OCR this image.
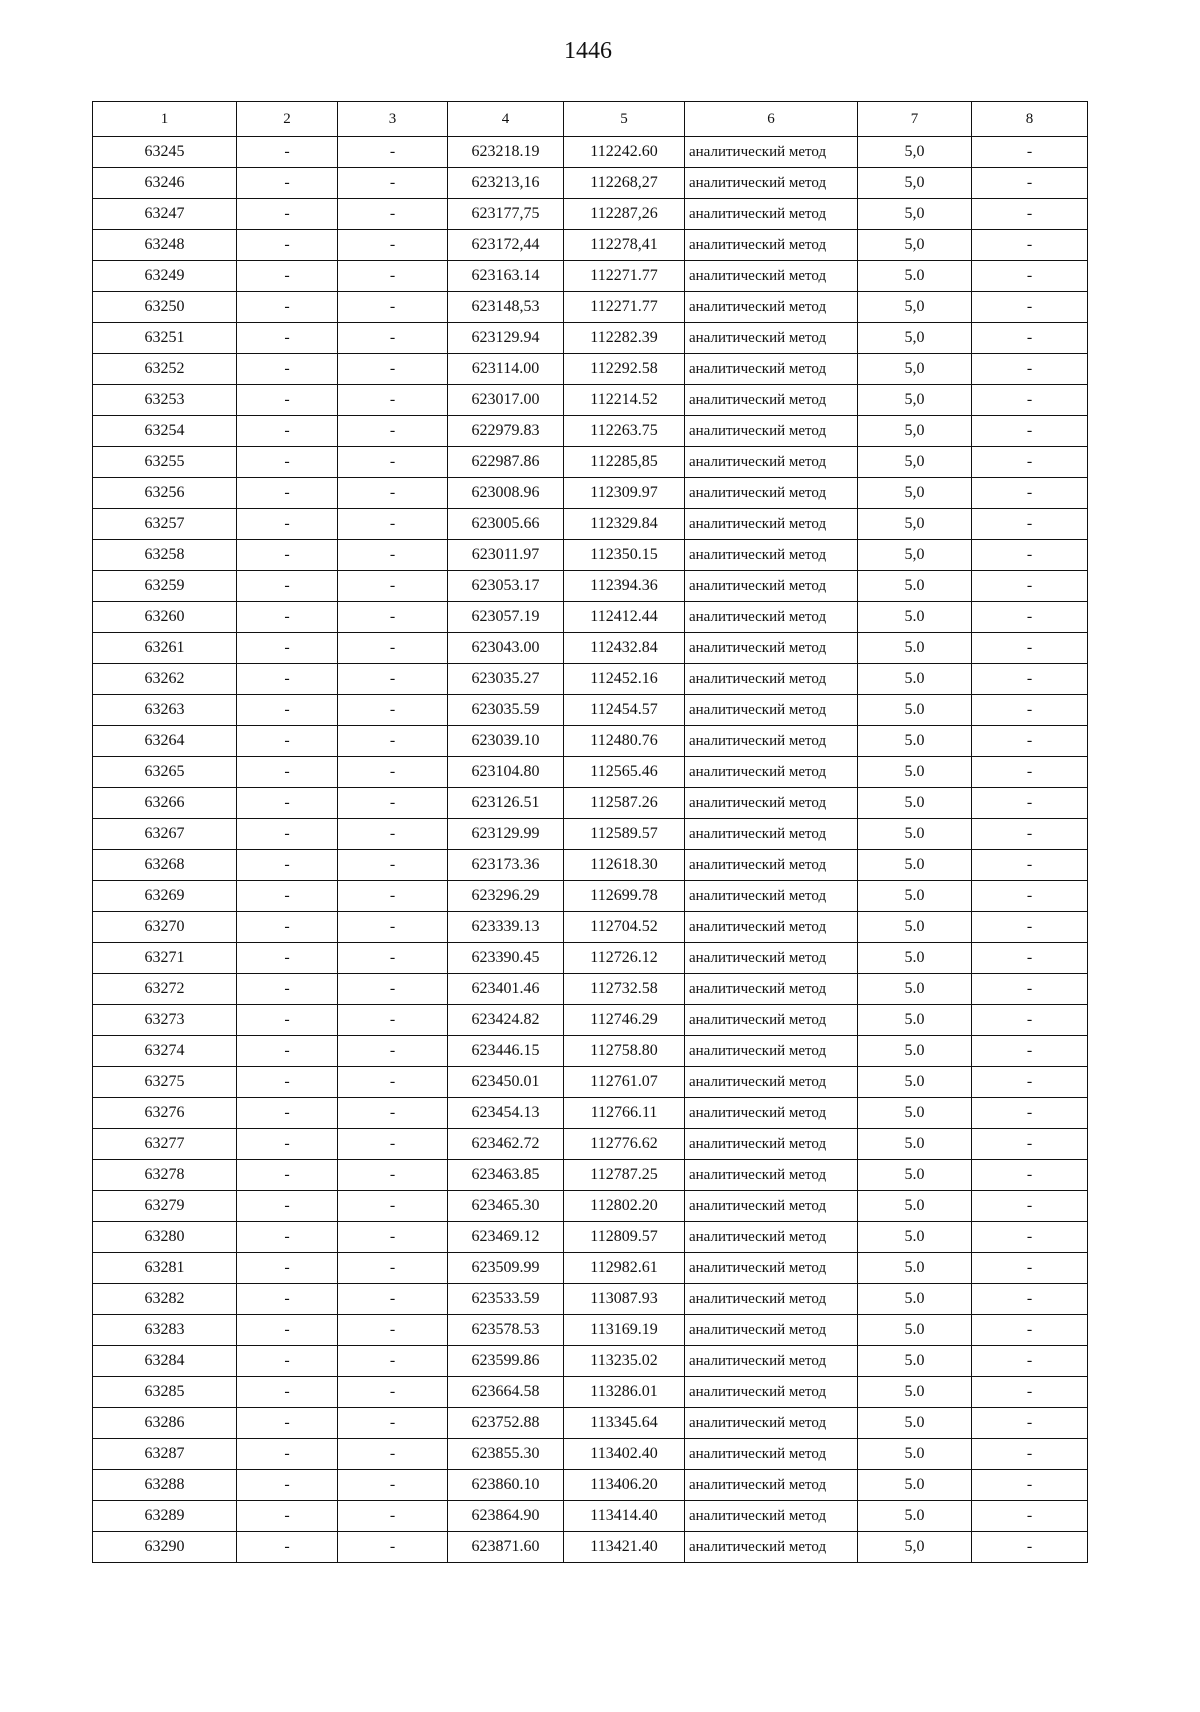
1446
1	2	3	4	5	6	7	8
63245	-	-	623218.19	112242.60	аналитический метод	5,0	-
63246	-	-	623213,16	112268,27	аналитический метод	5,0	-
63247	-	-	623177,75	112287,26	аналитический метод	5,0	-
63248	-	-	623172,44	112278,41	аналитический метод	5,0	-
63249	-	-	623163.14	112271.77	аналитический метод	5.0	-
63250	-	-	623148,53	112271.77	аналитический метод	5,0	-
63251	-	-	623129.94	112282.39	аналитический метод	5,0	-
63252	-	-	623114.00	112292.58	аналитический метод	5,0	-
63253	-	-	623017.00	112214.52	аналитический метод	5,0	-
63254	-	-	622979.83	112263.75	аналитический метод	5,0	-
63255	-	-	622987.86	112285,85	аналитический метод	5,0	-
63256	-	-	623008.96	112309.97	аналитический метод	5,0	-
63257	-	-	623005.66	112329.84	аналитический метод	5,0	-
63258	-	-	623011.97	112350.15	аналитический метод	5,0	-
63259	-	-	623053.17	112394.36	аналитический метод	5.0	-
63260	-	-	623057.19	112412.44	аналитический метод	5.0	-
63261	-	-	623043.00	112432.84	аналитический метод	5.0	-
63262	-	-	623035.27	112452.16	аналитический метод	5.0	-
63263	-	-	623035.59	112454.57	аналитический метод	5.0	-
63264	-	-	623039.10	112480.76	аналитический метод	5.0	-
63265	-	-	623104.80	112565.46	аналитический метод	5.0	-
63266	-	-	623126.51	112587.26	аналитический метод	5.0	-
63267	-	-	623129.99	112589.57	аналитический метод	5.0	-
63268	-	-	623173.36	112618.30	аналитический метод	5.0	-
63269	-	-	623296.29	112699.78	аналитический метод	5.0	-
63270	-	-	623339.13	112704.52	аналитический метод	5.0	-
63271	-	-	623390.45	112726.12	аналитический метод	5.0	-
63272	-	-	623401.46	112732.58	аналитический метод	5.0	-
63273	-	-	623424.82	112746.29	аналитический метод	5.0	-
63274	-	-	623446.15	112758.80	аналитический метод	5.0	-
63275	-	-	623450.01	112761.07	аналитический метод	5.0	-
63276	-	-	623454.13	112766.11	аналитический метод	5.0	-
63277	-	-	623462.72	112776.62	аналитический метод	5.0	-
63278	-	-	623463.85	112787.25	аналитический метод	5.0	-
63279	-	-	623465.30	112802.20	аналитический метод	5.0	-
63280	-	-	623469.12	112809.57	аналитический метод	5.0	-
63281	-	-	623509.99	112982.61	аналитический метод	5.0	-
63282	-	-	623533.59	113087.93	аналитический метод	5.0	-
63283	-	-	623578.53	113169.19	аналитический метод	5.0	-
63284	-	-	623599.86	113235.02	аналитический метод	5.0	-
63285	-	-	623664.58	113286.01	аналитический метод	5.0	-
63286	-	-	623752.88	113345.64	аналитический метод	5.0	-
63287	-	-	623855.30	113402.40	аналитический метод	5.0	-
63288	-	-	623860.10	113406.20	аналитический метод	5.0	-
63289	-	-	623864.90	113414.40	аналитический метод	5.0	-
63290	-	-	623871.60	113421.40	аналитический метод	5,0	-
